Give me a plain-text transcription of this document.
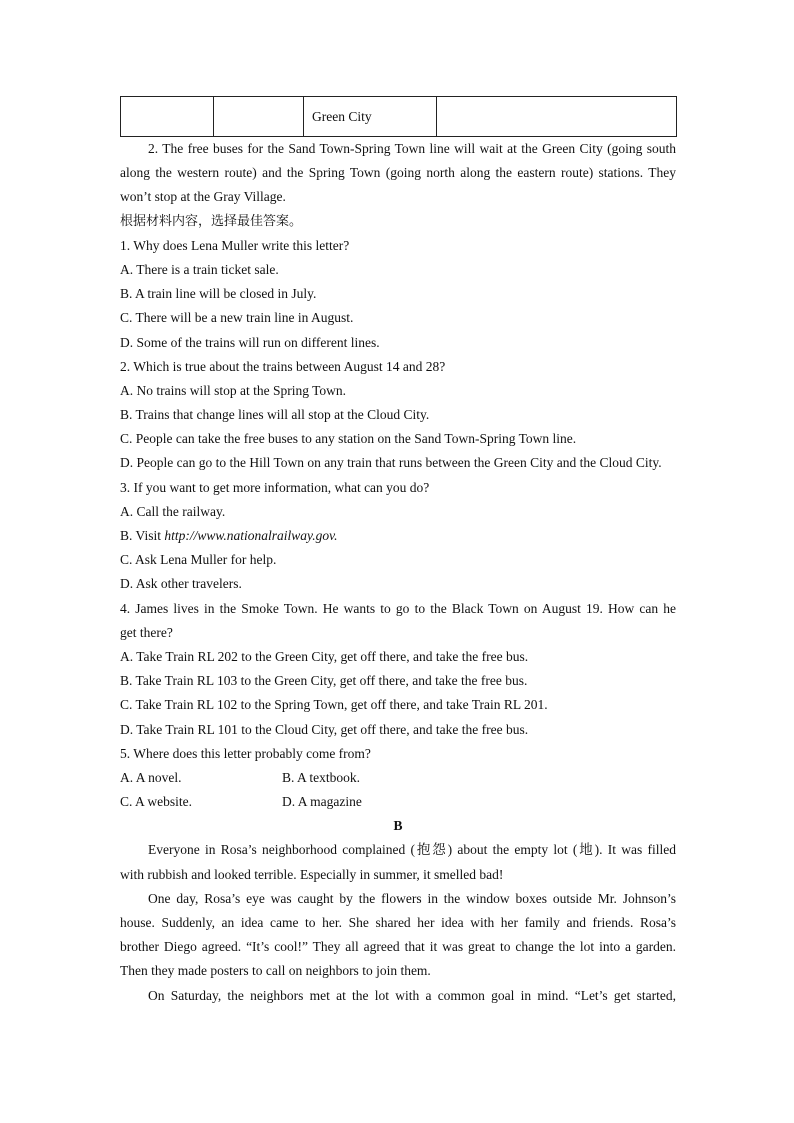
		Green City	
2. The free buses for the Sand Town-Spring Town line will wait at the Green City (going south
along the western route) and the Spring Town (going north along the eastern route) stations. They
won’t stop at the Gray Village.
根据材料内容，选择最佳答案。
1. Why does Lena Muller write this letter?
A. There is a train ticket sale.
B. A train line will be closed in July.
C. There will be a new train line in August.
D. Some of the trains will run on different lines.
2. Which is true about the trains between August 14 and 28?
A. No trains will stop at the Spring Town.
B. Trains that change lines will all stop at the Cloud City.
C. People can take the free buses to any station on the Sand Town-Spring Town line.
D. People can go to the Hill Town on any train that runs between the Green City and the Cloud City.
3. If you want to get more information, what can you do?
A. Call the railway.
B. Visit http://www.nationalrailway.gov.
C. Ask Lena Muller for help.
D. Ask other travelers.
4. James lives in the Smoke Town. He wants to go to the Black Town on August 19. How can he
get there?
A. Take Train RL 202 to the Green City, get off there, and take the free bus.
B. Take Train RL 103 to the Green City, get off there, and take the free bus.
C. Take Train RL 102 to the Spring Town, get off there, and take Train RL 201.
D. Take Train RL 101 to the Cloud City, get off there, and take the free bus.
5. Where does this letter probably come from?
A. A novel.	B. A textbook.
C. A website.	D. A magazine
B
Everyone in Rosa’s neighborhood complained (抱怨) about the empty lot (地). It was filled
with rubbish and looked terrible. Especially in summer, it smelled bad!
One day, Rosa’s eye was caught by the flowers in the window boxes outside Mr. Johnson’s
house. Suddenly, an idea came to her. She shared her idea with her family and friends. Rosa’s
brother Diego agreed. “It’s cool!” They all agreed that it was great to change the lot into a garden.
Then they made posters to call on neighbors to join them.
On Saturday, the neighbors met at the lot with a common goal in mind. “Let’s get started,
